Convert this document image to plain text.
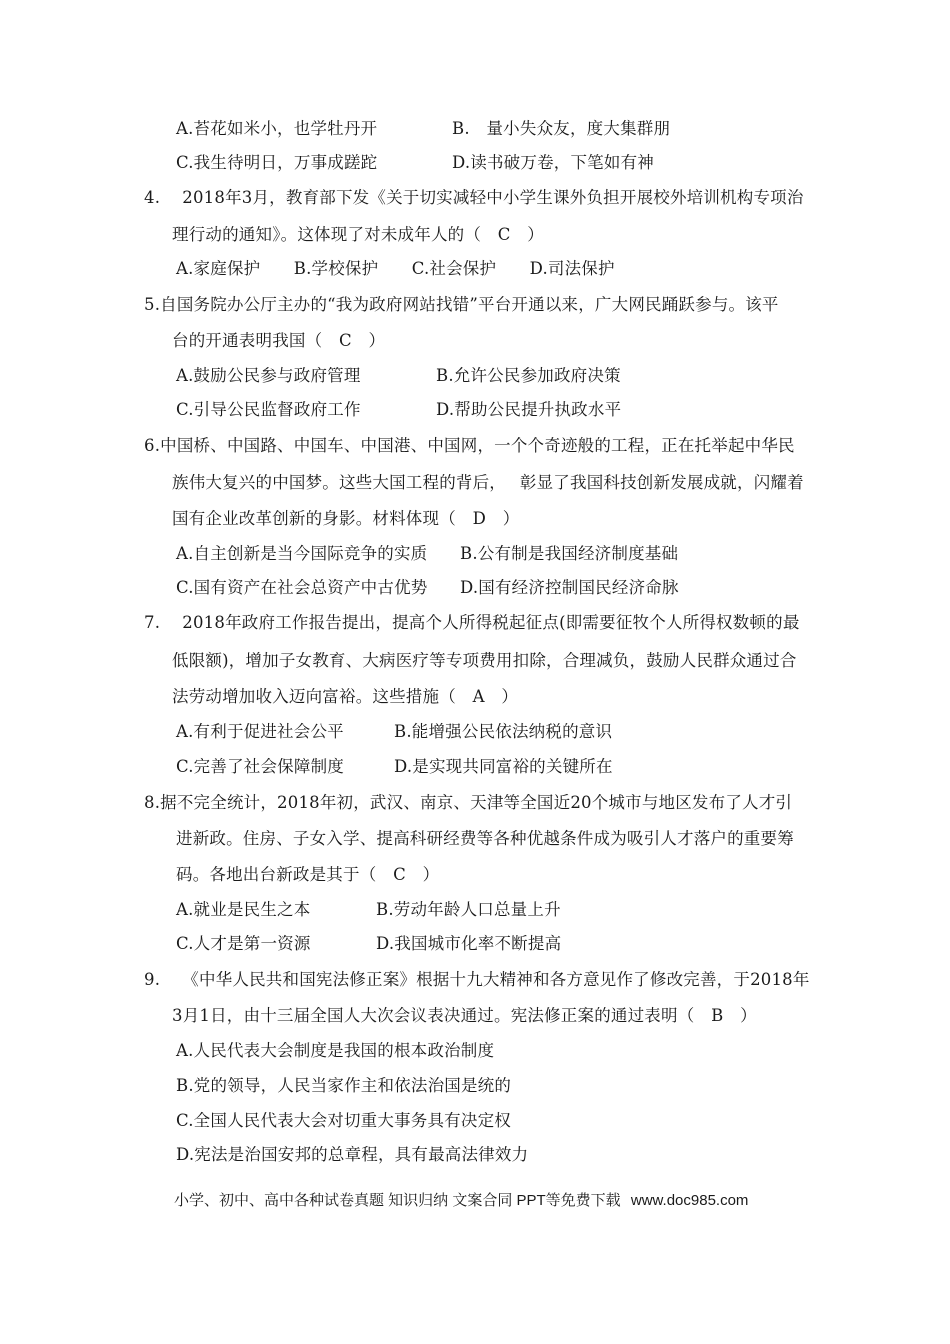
A.苔花如米小，也学牡丹开	B.　量小失众友，度大集群朋
C.我生待明日，万事成蹉跎	D.读书破万卷，下笔如有神
4.　 2018年3月，教育部下发《关于切实减轻中小学生课外负担开展校外培训机构专项治
理行动的通知》。这体现了对未成年人的（　C　）
A.家庭保护　　B.学校保护　　C.社会保护　　D.司法保护
5.自国务院办公厅主办的“我为政府网站找错”平台开通以来，广大网民踊跃参与。该平
台的开通表明我国（　C　）
A.鼓励公民参与政府管理	B.允许公民参加政府决策
C.引导公民监督政府工作	D.帮助公民提升执政水平
6.中国桥、中国路、中国车、中国港、中国网，一个个奇迹般的工程，正在托举起中华民
族伟大复兴的中国梦。这些大国工程的背后，　 彰显了我国科技创新发展成就，闪耀着
国有企业改革创新的身影。材料体现（　D　）
A.自主创新是当今国际竞争的实质 B.公有制是我国经济制度基础
C.国有资产在社会总资产中古优势 D.国有经济控制国民经济命脉
7.　 2018年政府工作报告提出，提高个人所得税起征点(即需要征牧个人所得权数顿的最
低限额)，增加子女教育、大病医疗等专项费用扣除，合理减负，鼓励人民群众通过合
法劳动增加收入迈向富裕。这些措施（　A　）
A.有利于促进社会公平	B.能增强公民依法纳税的意识
C.完善了社会保障制度	D.是实现共同富裕的关键所在
8.据不完全统计，2018年初，武汉、南京、天津等全国近20个城市与地区发布了人才引
进新政。住房、子女入学、提高科研经费等各种优越条件成为吸引人才落户的重要筹
码。各地出台新政是其于（　C　）
A.就业是民生之本	B.劳动年龄人口总量上升
C.人才是第一资源	D.我国城市化率不断提高
9.　 《中华人民共和国宪法修正案》根据十九大精神和各方意见作了修改完善，于2018年
3月1日，由十三届全国人大次会议表决通过。宪法修正案的通过表明（　B　）
A.人民代表大会制度是我国的根本政治制度
B.党的领导，人民当家作主和依法治国是统的
C.全国人民代表大会对切重大事务具有决定权
D.宪法是治国安邦的总章程，具有最高法律效力
小学、初中、高中各种试卷真题 知识归纳 文案合同 PPT等免费下载 www.doc985.com
